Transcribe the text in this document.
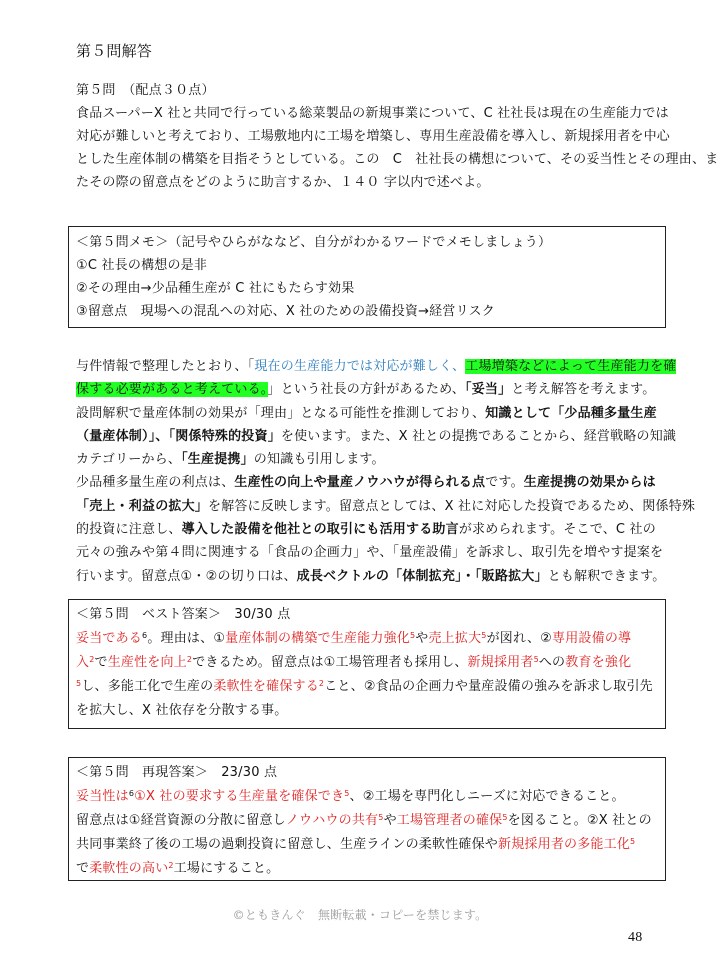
第５問解答
第５問　（配点３０点）
食品スーパーX 社と共同で行っている総菜製品の新規事業について、C 社社長は現在の生産能力では
対応が難しいと考えており、工場敷地内に工場を増築し、専用生産設備を導入し、新規採用者を中心
とした生産体制の構築を目指そうとしている。この　C　社社長の構想について、その妥当性とその理由、ま
たその際の留意点をどのように助言するか、１４０ 字以内で述べよ。
＜第５問メモ＞（記号やひらがななど、自分がわかるワードでメモしましょう）
①C 社長の構想の是非
②その理由→少品種生産が C 社にもたらす効果
③留意点　現場への混乱への対応、X 社のための設備投資→経営リスク
与件情報で整理したとおり、「現在の生産能力では対応が難しく、工場増築などによって生産能力を確
保する必要があると考えている。」という社長の方針があるため、「妥当」と考え解答を考えます。
設問解釈で量産体制の効果が「理由」となる可能性を推測しており、知識として「少品種多量生産
（量産体制）」、「関係特殊的投資」を使います。また、X 社との提携であることから、経営戦略の知識
カテゴリーから、「生産提携」の知識も引用します。
少品種多量生産の利点は、生産性の向上や量産ノウハウが得られる点です。生産提携の効果からは
「売上・利益の拡大」を解答に反映します。留意点としては、X 社に対応した投資であるため、関係特殊
的投資に注意し、導入した設備を他社との取引にも活用する助言が求められます。そこで、C 社の
元々の強みや第４問に関連する「食品の企画力」や、「量産設備」を訴求し、取引先を増やす提案を
行います。留意点①・②の切り口は、成長ベクトルの「体制拡充」・「販路拡大」とも解釈できます。
＜第５問　ベスト答案＞　30/30 点
妥当である$^6$。理由は、①量産体制の構築で生産能力強化$^5$や売上拡大$^5$が図れ、②専用設備の導
入$^2$で生産性を向上$^2$できるため。留意点は①工場管理者も採用し、新規採用者$^5$への教育を強化
$^5$し、多能工化で生産の柔軟性を確保する$^2$こと、②食品の企画力や量産設備の強みを訴求し取引先
を拡大し、X 社依存を分散する事。
＜第５問　再現答案＞　23/30 点
妥当性は$^6$①X 社の要求する生産量を確保でき$^5$、②工場を専門化しニーズに対応できること。
留意点は①経営資源の分散に留意しノウハウの共有$^5$や工場管理者の確保$^5$を図ること。②X 社との
共同事業終了後の工場の過剰投資に留意し、生産ラインの柔軟性確保や新規採用者の多能工化$^5$
で柔軟性の高い$^2$工場にすること。
©ともきんぐ　無断転載・コピーを禁じます。
48
